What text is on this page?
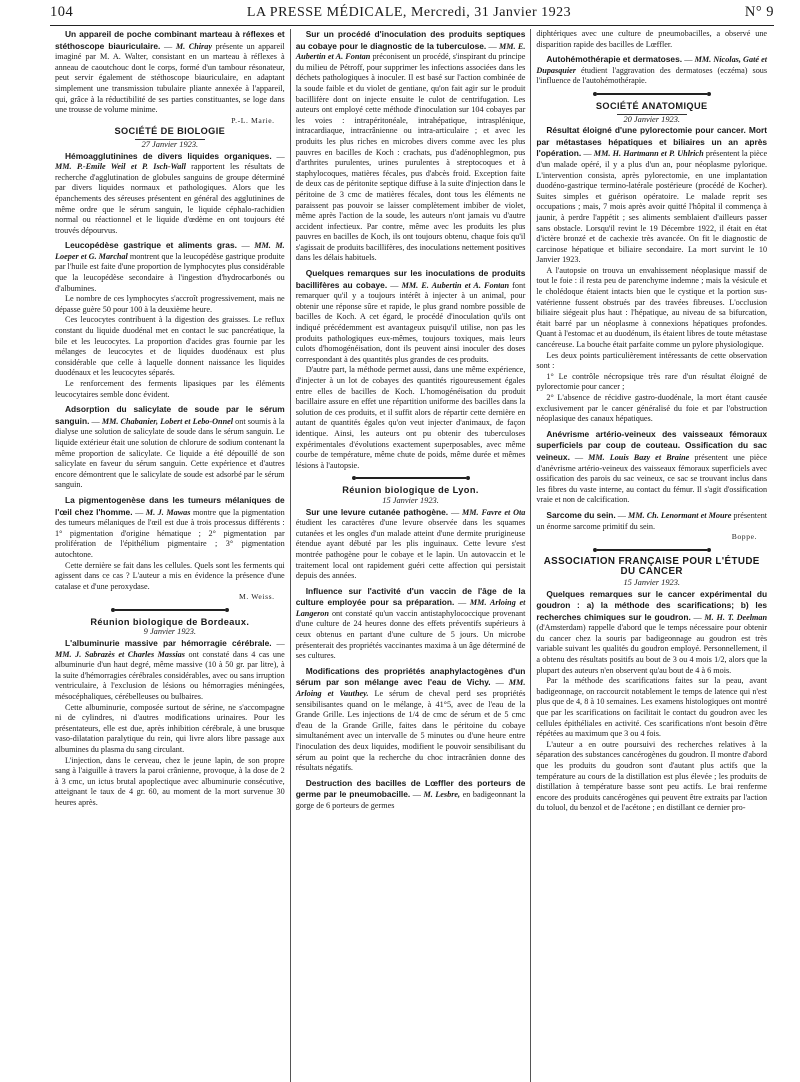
104	LA PRESSE MÉDICALE, Mercredi, 31 Janvier 1923	N° 9

Un appareil de poche combinant marteau à réflexes et stéthoscope biauriculaire. — M. Chiray présente un appareil imaginé par M. A. Walter, consistant en un marteau à réflexes à anneau de caoutchouc dont le corps, formé d'un tambour résonateur, peut servir également de stéthoscope biauriculaire, en adaptant simplement une transmission tubulaire pliante annexée à l'appareil, qui, grâce à la réductibilité de ses parties constituantes, se loge dans une trousse de volume minime.

P.-L. Marie.

SOCIÉTÉ DE BIOLOGIE

27 Janvier 1923.

Hémoagglutinines de divers liquides organiques. — MM. P.-Emile Weil et P. Isch-Wall rapportent les résultats de recherche d'agglutination de globules sanguins de groupe déterminé par divers liquides normaux et pathologiques. Alors que les épanchements des séreuses présentent en général des agglutinines de même ordre que le sérum sanguin, le liquide céphalo-rachidien normal ou réactionnel et le liquide d'œdème en ont toujours été trouvés dépourvus.

Leucopédèse gastrique et aliments gras. — MM. M. Loeper et G. Marchal montrent que la leucopédèse gastrique produite par l'huile est faite d'une proportion de lymphocytes plus considérable que la leucopédèse secondaire à l'ingestion d'hydrocarbonés ou d'albumines.

Le nombre de ces lymphocytes s'accroît progressivement, mais ne dépasse guère 50 pour 100 à la deuxième heure.

Ces leucocytes contribuent à la digestion des graisses. Le reflux constant du liquide duodénal met en contact le suc pancréatique, la bile et les leucocytes. La proportion d'acides gras fournie par les mélanges de leucocytes et de liquides duodénaux est plus considérable que celle à laquelle donnent naissance les liquides duodénaux et les leucocytes séparés.

Le renforcement des ferments lipasiques par les éléments leucocytaires semble donc évident.

Adsorption du salicylate de soude par le sérum sanguin. — MM. Chabanier, Lobert et Lebo-Onnel ont soumis à la dialyse une solution de salicylate de soude dans le sérum sanguin. Le liquide extérieur était une solution de chlorure de sodium contenant la même proportion de salicylate. Ce liquide a été dépouillé de son salicylate en faveur du sérum sanguin. Cette expérience et d'autres encore démontrent que le salicylate de soude est adsorbé par le sérum sanguin.

La pigmentogenèse dans les tumeurs mélaniques de l'œil chez l'homme. — M. J. Mawas montre que la pigmentation des tumeurs mélaniques de l'œil est due à trois processus différents : 1° pigmentation d'origine hématique ; 2° pigmentation par prolifération de l'épithélium pigmentaire ; 3° pigmentation autochtone.

Cette dernière se fait dans les cellules. Quels sont les ferments qui agissent dans ce cas ? L'auteur a mis en évidence la présence d'une catalase et d'une peroxydase.

M. Weiss.

Réunion biologique de Bordeaux.

9 Janvier 1923.

L'albuminurie massive par hémorragie cérébrale. — MM. J. Sabrazès et Charles Massias ont constaté dans 4 cas une albuminurie d'un haut degré, même massive (10 à 50 gr. par litre), à la suite d'hémorragies cérébrales considérables, avec ou sans irruption ventriculaire, à l'exclusion de lésions ou hémorragies méningées, mésocéphaliques, cérébelleuses ou bulbaires.

Cette albuminurie, composée surtout de sérine, ne s'accompagne ni de cylindres, ni d'autres modifications urinaires. Pour les présentateurs, elle est due, après inhibition cérébrale, à une brusque vaso-dilatation paralytique du rein, qui livre alors libre passage aux albumines du plasma du sang circulant.

L'injection, dans le cerveau, chez le jeune lapin, de son propre sang à l'aiguille à travers la paroi crânienne, provoque, à la dose de 2 à 3 cmc, un ictus brutal apoplectique avec albuminurie consécutive, atteignant le taux de 4 gr. 60, au moment de la mort survenue 30 heures après.

Sur un procédé d'inoculation des produits septiques au cobaye pour le diagnostic de la tuberculose. — MM. E. Aubertin et A. Fontan préconisent un procédé, s'inspirant du principe du milieu de Pétroff, pour supprimer les infections associées dans les déchets pathologiques à inoculer. Il est basé sur l'action combinée de la soude faible et du violet de gentiane, qu'on fait agir sur le produit bacillifère dont on injecte ensuite le culot de centrifugation. Les auteurs ont employé cette méthode d'inoculation sur 104 cobayes par les voies : intrapéritonéale, intrahépatique, intrasplénique, intracardiaque, intracrânienne ou intra-articulaire ; et avec les produits les plus riches en microbes divers comme avec les plus pauvres en bacilles de Koch : crachats, pus d'adénophlegmon, pus d'arthrites purulentes, urines purulentes à streptocoques et à staphylocoques, matières fécales, pus d'abcès froid. Exception faite de deux cas de péritonite septique diffuse à la suite d'injection dans le péritoine de 3 cmc de matières fécales, dont tous les éléments ne paraissent pas pouvoir se laisser complètement imbiber de violet, même après l'action de la soude, les auteurs n'ont jamais vu d'autre accident infectieux. Par contre, même avec les produits les plus pauvres en bacilles de Koch, ils ont toujours obtenu, chaque fois qu'il s'agissait de produits bacillifères, des inoculations nettement positives dans les délais habituels.

Quelques remarques sur les inoculations de produits bacillifères au cobaye. — MM. E. Aubertin et A. Fontan font remarquer qu'il y a toujours intérêt à injecter à un animal, pour obtenir une réponse sûre et rapide, le plus grand nombre possible de bacilles de Koch. A cet égard, le procédé d'inoculation qu'ils ont indiqué précédemment est avantageux puisqu'il utilise, non pas les produits pathologiques eux-mêmes, toujours toxiques, mais leurs culots d'homogénéisation, dont ils peuvent ainsi inoculer des doses correspondant à des quantités plus grandes de ces produits.

D'autre part, la méthode permet aussi, dans une même expérience, d'injecter à un lot de cobayes des quantités rigoureusement égales entre elles de bacilles de Koch. L'homogénéisation du produit bacillaire assure en effet une répartition uniforme des bacilles dans la solution de ces produits, et il suffit alors de répartir cette dernière en autant de quantités égales qu'on veut injecter d'animaux, de façon identique. Ainsi, les auteurs ont pu obtenir des tuberculoses expérimentales d'évolutions exactement superposables, avec même courbe de température, même chute de poids, même durée et mêmes lésions à l'autopsie.

Réunion biologique de Lyon.

15 Janvier 1923.

Sur une levure cutanée pathogène. — MM. Favre et Ota étudient les caractères d'une levure observée dans les squames cutanées et les ongles d'un malade atteint d'une dermite prurigineuse étendue ayant débuté par les plis inguinaux. Cette levure s'est montrée pathogène pour le cobaye et le lapin. Un autovaccin et le traitement local ont rapidement guéri cette affection qui persistait depuis des années.

Influence sur l'activité d'un vaccin de l'âge de la culture employée pour sa préparation. — MM. Arloing et Langeron ont constaté qu'un vaccin antistaphylococcique provenant d'une culture de 24 heures donne des effets préventifs supérieurs à ceux obtenus en partant d'une culture de 5 jours. Un microbe présenterait des propriétés vaccinantes maxima à un âge déterminé de ses cultures.

Modifications des propriétés anaphylactogènes d'un sérum par son mélange avec l'eau de Vichy. — MM. Arloing et Vauthey. Le sérum de cheval perd ses propriétés sensibilisantes quand on le mélange, à 41°5, avec de l'eau de la Grande Grille. Les injections de 1/4 de cmc de sérum et de 5 cmc d'eau de la Grande Grille, faites dans le péritoine du cobaye simultanément avec un intervalle de 5 minutes ou d'une heure entre l'inoculation des deux liquides, modifient le pouvoir sensibilisant du sérum au point que la recherche du choc intracrânien donne des résultats négatifs.

Destruction des bacilles de Lœffler des porteurs de germe par le pneumobacille. — M. Lesbre, en badigeonnant la gorge de 6 porteurs de germes

diphtériques avec une culture de pneumobacilles, a observé une disparition rapide des bacilles de Lœffler.

Autohémothérapie et dermatoses. — MM. Nicolas, Gaté et Dupasquier étudient l'aggravation des dermatoses (eczéma) sous l'influence de l'autohémothérapie.

SOCIÉTÉ ANATOMIQUE

20 Janvier 1923.

Résultat éloigné d'une pylorectomie pour cancer. Mort par métastases hépatiques et biliaires un an après l'opération. — MM. H. Hartmann et P. Uhlrich présentent la pièce d'un malade opéré, il y a plus d'un an, pour néoplasme pylorique. L'intervention consista, après pylorectomie, en une implantation duodéno-gastrique termino-latérale postérieure (procédé de Kocher). Suites simples et guérison opératoire. Le malade reprit ses occupations ; mais, 7 mois après avoir quitté l'hôpital il commença à jaunir, à perdre l'appétit ; ses aliments semblaient d'ailleurs passer sans obstacle. Lorsqu'il revint le 19 Décembre 1922, il était en état d'ictère bronzé et de cachexie très avancée. On fit le diagnostic de carcinose hépatique et biliaire secondaire. La mort survint le 10 Janvier 1923.

A l'autopsie on trouva un envahissement néoplasique massif de tout le foie : il resta peu de parenchyme indemne ; mais la vésicule et le cholédoque étaient intacts bien que le cystique et la portion sus-vatérienne fussent obstrués par des travées fibreuses. L'occlusion biliaire siégeait plus haut : l'hépatique, au niveau de sa bifurcation, était barré par un néoplasme à connexions hépatiques profondes. Quant à l'estomac et au duodénum, ils étaient libres de toute métastase cancéreuse. La bouche était parfaite comme un pylore physiologique.

Les deux points particulièrement intéressants de cette observation sont :

1° Le contrôle nécropsique très rare d'un résultat éloigné de pylorectomie pour cancer ;

2° L'absence de récidive gastro-duodénale, la mort étant causée exclusivement par le cancer généralisé du foie et par l'obstruction néoplasique des canaux hépatiques.

Anévrisme artério-veineux des vaisseaux fémoraux superficiels par coup de couteau. Ossification du sac veineux. — MM. Louis Bazy et Braine présentent une pièce d'anévrisme artério-veineux des vaisseaux fémoraux superficiels avec ossification des parois du sac veineux, ce sac se trouvant inclus dans les fibres du vaste interne, au contact du fémur. Il s'agit d'ossification vraie et non de calcification.

Sarcome du sein. — MM. Ch. Lenormant et Moure présentent un énorme sarcome primitif du sein.

Boppe.

ASSOCIATION FRANÇAISE POUR L'ÉTUDE DU CANCER

15 Janvier 1923.

Quelques remarques sur le cancer expérimental du goudron : a) la méthode des scarifications; b) les recherches chimiques sur le goudron. — M. H. T. Deelman (d'Amsterdam) rappelle d'abord que le temps nécessaire pour obtenir du cancer chez la souris par badigeonnage au goudron est très variable suivant les qualités du goudron employé. Personnellement, il a obtenu des résultats positifs au bout de 3 ou 4 mois 1/2, alors que la plupart des auteurs n'en observent qu'au bout de 4 à 6 mois.

Par la méthode des scarifications faites sur la peau, avant badigeonnage, on raccourcit notablement le temps de latence qui n'est plus que de 4, 8 à 10 semaines. Les examens histologiques ont montré que par les scarifications on facilitait le contact du goudron avec les cellules épithéliales en activité. Ces scarifications n'ont besoin d'être répétées au maximum que 3 ou 4 fois.

L'auteur a en outre poursuivi des recherches relatives à la séparation des substances cancérogènes du goudron. Il montre d'abord que les produits du goudron sont d'autant plus actifs que la température au cours de la distillation est plus élevée ; les produits de distillation à température basse sont peu actifs. Le brai renferme encore des produits cancérogènes qui peuvent être extraits par l'action du toluol, du benzol et de l'acétone ; en distillant ce dernier pro-
